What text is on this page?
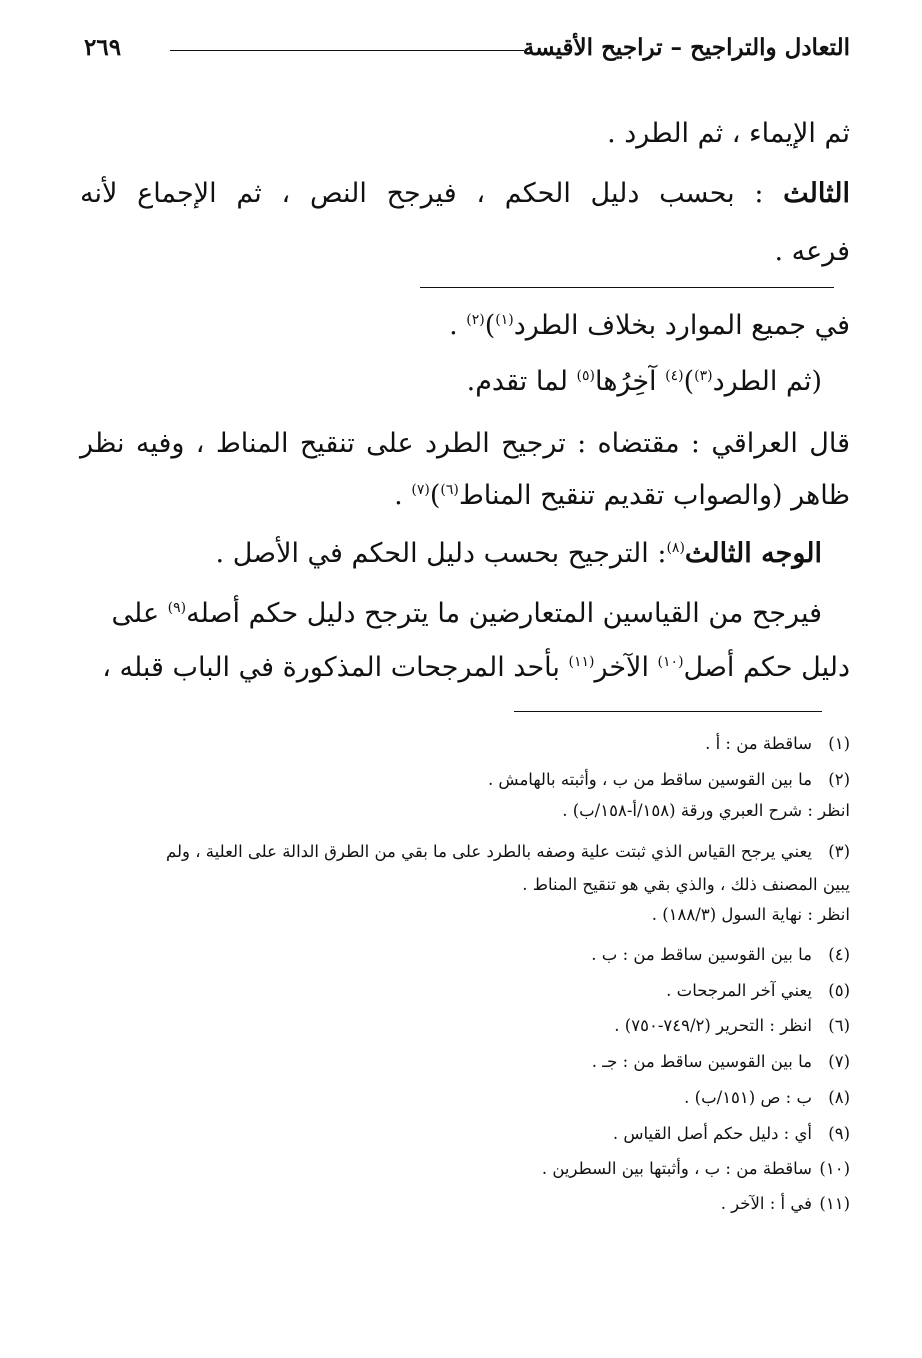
التعادل والتراجيح – تراجيح الأقيسة
٢٦٩
ثم الإيماء ، ثم الطرد .
الثالث : بحسب دليل الحكم ، فيرجح النص ، ثم الإجماع لأنه
فرعه .
في جميع الموارد بخلاف الطرد$^{(١)}$)$^{(٢)}$ .
(ثم الطرد$^{(٣)}$)$^{(٤)}$ آخِرُها$^{(٥)}$ لما تقدم.
قال العراقي : مقتضاه : ترجيح الطرد على تنقيح المناط ، وفيه نظر
ظاهر (والصواب تقديم تنقيح المناط$^{(٦)}$)$^{(٧)}$ .
الوجه الثالث$^{(٨)}$: الترجيح بحسب دليل الحكم في الأصل .
فيرجح من القياسين المتعارضين ما يترجح دليل حكم أصله$^{(٩)}$ على
دليل حكم أصل$^{(١٠)}$ الآخر$^{(١١)}$ بأحد المرجحات المذكورة في الباب قبله ،
(١)ساقطة من : أ .
(٢)ما بين القوسين ساقط من ب ، وأثبته بالهامش .
انظر : شرح العبري ورقة (١٥٨/أ-١٥٨/ب) .
(٣)يعني يرجح القياس الذي ثبتت علية وصفه بالطرد على ما بقي من الطرق الدالة على العلية ، ولم
يبين المصنف ذلك ، والذي بقي هو تنقيح المناط .
انظر : نهاية السول (١٨٨/٣) .
(٤)ما بين القوسين ساقط من : ب .
(٥)يعني آخر المرجحات .
(٦)انظر : التحرير (٧٤٩/٢-٧٥٠) .
(٧)ما بين القوسين ساقط من : جـ .
(٨)ب : ص (١٥١/ب) .
(٩)أي : دليل حكم أصل القياس .
(١٠)ساقطة من : ب ، وأثبتها بين السطرين .
(١١)في أ : الآخر .
